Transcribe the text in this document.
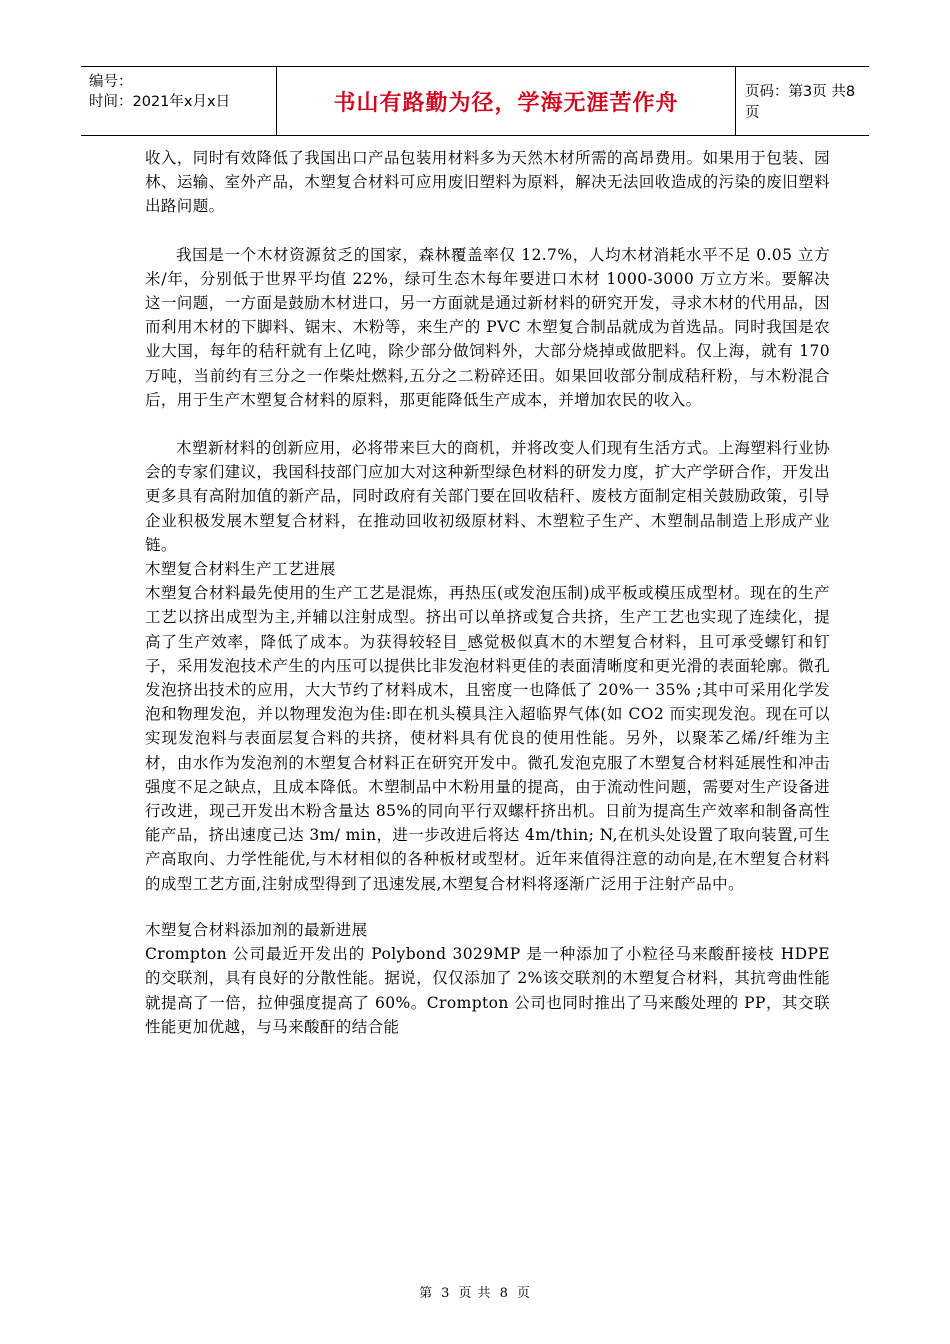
编号：
时间：2021年x月x日	书山有路勤为径，学海无涯苦作舟	页码：第3页 共8页

收入，同时有效降低了我国出口产品包装用材料多为天然木材所需的高昂费用。如果用于包装、园林、运输、室外产品，木塑复合材料可应用废旧塑料为原料，解决无法回收造成的污染的废旧塑料出路问题。

我国是一个木材资源贫乏的国家，森林覆盖率仅 12.7%，人均木材消耗水平不足 0.05 立方米/年，分别低于世界平均值 22%，绿可生态木每年要进口木材 1000-3000 万立方米。要解决这一问题，一方面是鼓励木材进口，另一方面就是通过新材料的研究开发，寻求木材的代用品，因而利用木材的下脚料、锯末、木粉等，来生产的 PVC 木塑复合制品就成为首选品。同时我国是农业大国，每年的秸秆就有上亿吨，除少部分做饲料外，大部分烧掉或做肥料。仅上海，就有 170 万吨，当前约有三分之一作柴灶燃料,五分之二粉碎还田。如果回收部分制成秸秆粉，与木粉混合后，用于生产木塑复合材料的原料，那更能降低生产成本，并增加农民的收入。

木塑新材料的创新应用，必将带来巨大的商机，并将改变人们现有生活方式。上海塑料行业协会的专家们建议，我国科技部门应加大对这种新型绿色材料的研发力度，扩大产学研合作，开发出更多具有高附加值的新产品，同时政府有关部门要在回收秸秆、废枝方面制定相关鼓励政策，引导企业积极发展木塑复合材料，在推动回收初级原材料、木塑粒子生产、木塑制品制造上形成产业链。

木塑复合材料生产工艺进展

木塑复合材料最先使用的生产工艺是混炼，再热压(或发泡压制)成平板或模压成型材。现在的生产工艺以挤出成型为主,并辅以注射成型。挤出可以单挤或复合共挤，生产工艺也实现了连续化，提高了生产效率，降低了成本。为获得较轻目_感觉极似真木的木塑复合材料，且可承受螺钉和钉子，采用发泡技术产生的内压可以提供比非发泡材料更佳的表面清晰度和更光滑的表面轮廓。微孔发泡挤出技术的应用，大大节约了材料成木，且密度一也降低了 20%一 35% ;其中可采用化学发泡和物理发泡，并以物理发泡为佳:即在机头模具注入超临界气体(如 CO2 而实现发泡。现在可以实现发泡料与表面层复合料的共挤，使材料具有优良的使用性能。另外，以聚苯乙烯/纤维为主材，由水作为发泡剂的木塑复合材料正在研究开发中。微孔发泡克服了木塑复合材料延展性和冲击强度不足之缺点，且成本降低。木塑制品中木粉用量的提高，由于流动性问题，需要对生产设备进行改进，现己开发出木粉含量达 85%的同向平行双螺杆挤出机。日前为提高生产效率和制备高性能产品，挤出速度己达 3m/ min，进一步改进后将达 4m/thin; N,在机头处设置了取向装置,可生产高取向、力学性能优,与木材相似的各种板材或型材。近年来值得注意的动向是,在木塑复合材料的成型工艺方面,注射成型得到了迅速发展,木塑复合材料将逐渐广泛用于注射产品中。

木塑复合材料添加剂的最新进展

Crompton 公司最近开发出的 Polybond 3029MP 是一种添加了小粒径马来酸酐接枝 HDPE 的交联剂，具有良好的分散性能。据说，仅仅添加了 2%该交联剂的木塑复合材料，其抗弯曲性能就提高了一倍，拉伸强度提高了 60%。Crompton 公司也同时推出了马来酸处理的 PP，其交联性能更加优越，与马来酸酐的结合能

第 3 页 共 8 页
